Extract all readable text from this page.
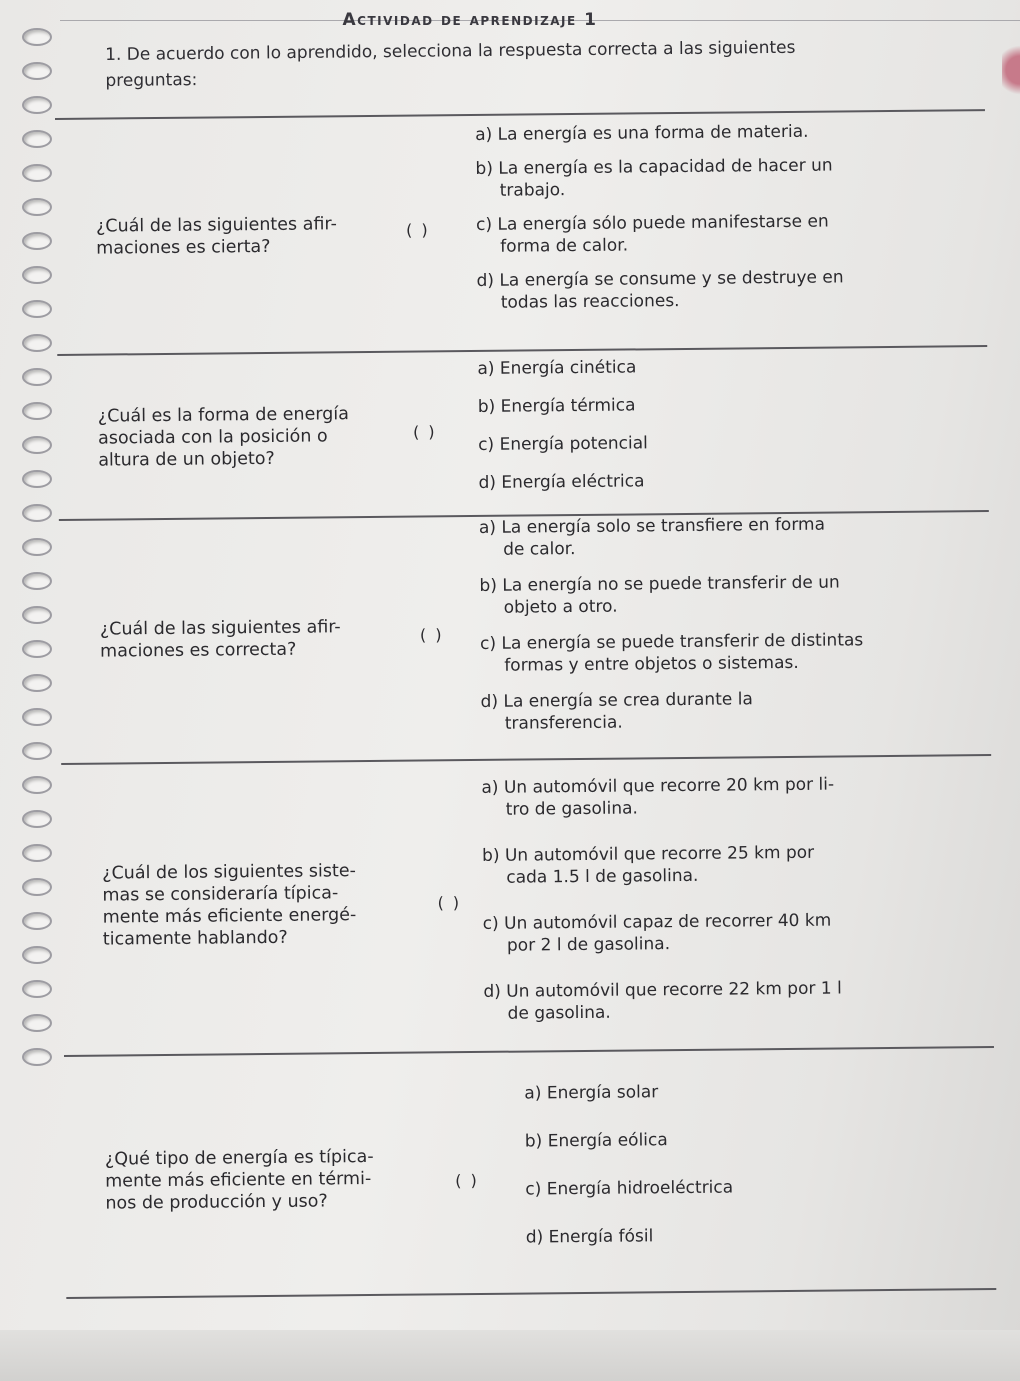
Actividad de aprendizaje 1
1. De acuerdo con lo aprendido, selecciona la respuesta correcta a las siguientes preguntas:
¿Cuál de las siguientes afir-
maciones es cierta?
( )
a) La energía es una forma de materia.
b) La energía es la capacidad de hacer un
trabajo.
c) La energía sólo puede manifestarse en
forma de calor.
d) La energía se consume y se destruye en
todas las reacciones.
¿Cuál es la forma de energía
asociada con la posición o
altura de un objeto?
( )
a) Energía cinética
b) Energía térmica
c) Energía potencial
d) Energía eléctrica
¿Cuál de las siguientes afir-
maciones es correcta?
( )
a) La energía solo se transfiere en forma
de calor.
b) La energía no se puede transferir de un
objeto a otro.
c) La energía se puede transferir de distintas
formas y entre objetos o sistemas.
d) La energía se crea durante la
transferencia.
¿Cuál de los siguientes siste-
mas se consideraría típica-
mente más eficiente energé-
ticamente hablando?
( )
a) Un automóvil que recorre 20 km por li-
tro de gasolina.
b) Un automóvil que recorre 25 km por
cada 1.5 l de gasolina.
c) Un automóvil capaz de recorrer 40 km
por 2 l de gasolina.
d) Un automóvil que recorre 22 km por 1 l
de gasolina.
¿Qué tipo de energía es típica-
mente más eficiente en térmi-
nos de producción y uso?
( )
a) Energía solar
b) Energía eólica
c) Energía hidroeléctrica
d) Energía fósil
